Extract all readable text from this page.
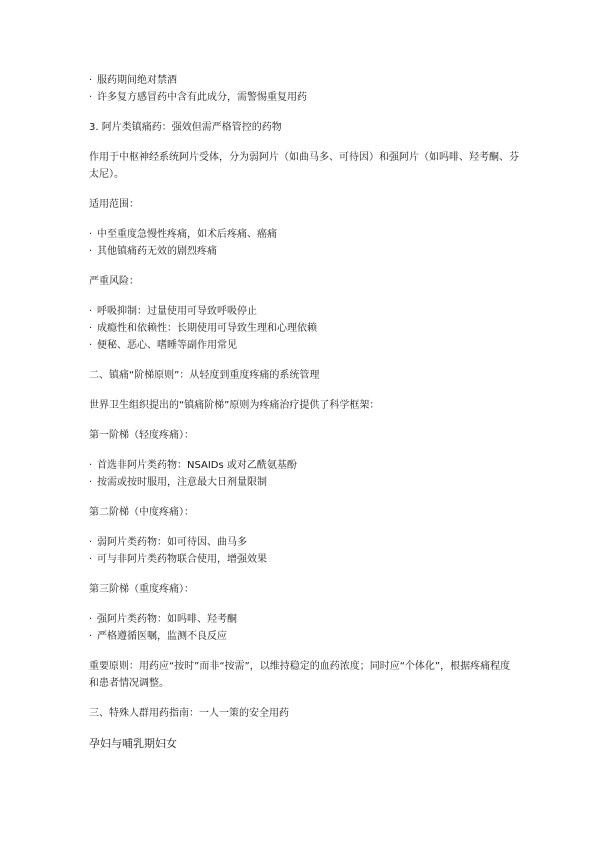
· 服药期间绝对禁酒
· 许多复方感冒药中含有此成分，需警惕重复用药

3. 阿片类镇痛药：强效但需严格管控的药物

作用于中枢神经系统阿片受体，分为弱阿片（如曲马多、可待因）和强阿片（如吗啡、羟考酮、芬太尼）。

适用范围：

· 中至重度急慢性疼痛，如术后疼痛、癌痛
· 其他镇痛药无效的剧烈疼痛

严重风险：

· 呼吸抑制：过量使用可导致呼吸停止
· 成瘾性和依赖性：长期使用可导致生理和心理依赖
· 便秘、恶心、嗜睡等副作用常见

二、镇痛“阶梯原则”：从轻度到重度疼痛的系统管理

世界卫生组织提出的“镇痛阶梯”原则为疼痛治疗提供了科学框架：

第一阶梯（轻度疼痛）：

· 首选非阿片类药物：NSAIDs 或对乙酰氨基酚
· 按需或按时服用，注意最大日剂量限制

第二阶梯（中度疼痛）：

· 弱阿片类药物：如可待因、曲马多
· 可与非阿片类药物联合使用，增强效果

第三阶梯（重度疼痛）：

· 强阿片类药物：如吗啡、羟考酮
· 严格遵循医嘱，监测不良反应

重要原则：用药应“按时”而非“按需”，以维持稳定的血药浓度；同时应“个体化”，根据疼痛程度和患者情况调整。

三、特殊人群用药指南：一人一策的安全用药

孕妇与哺乳期妇女
